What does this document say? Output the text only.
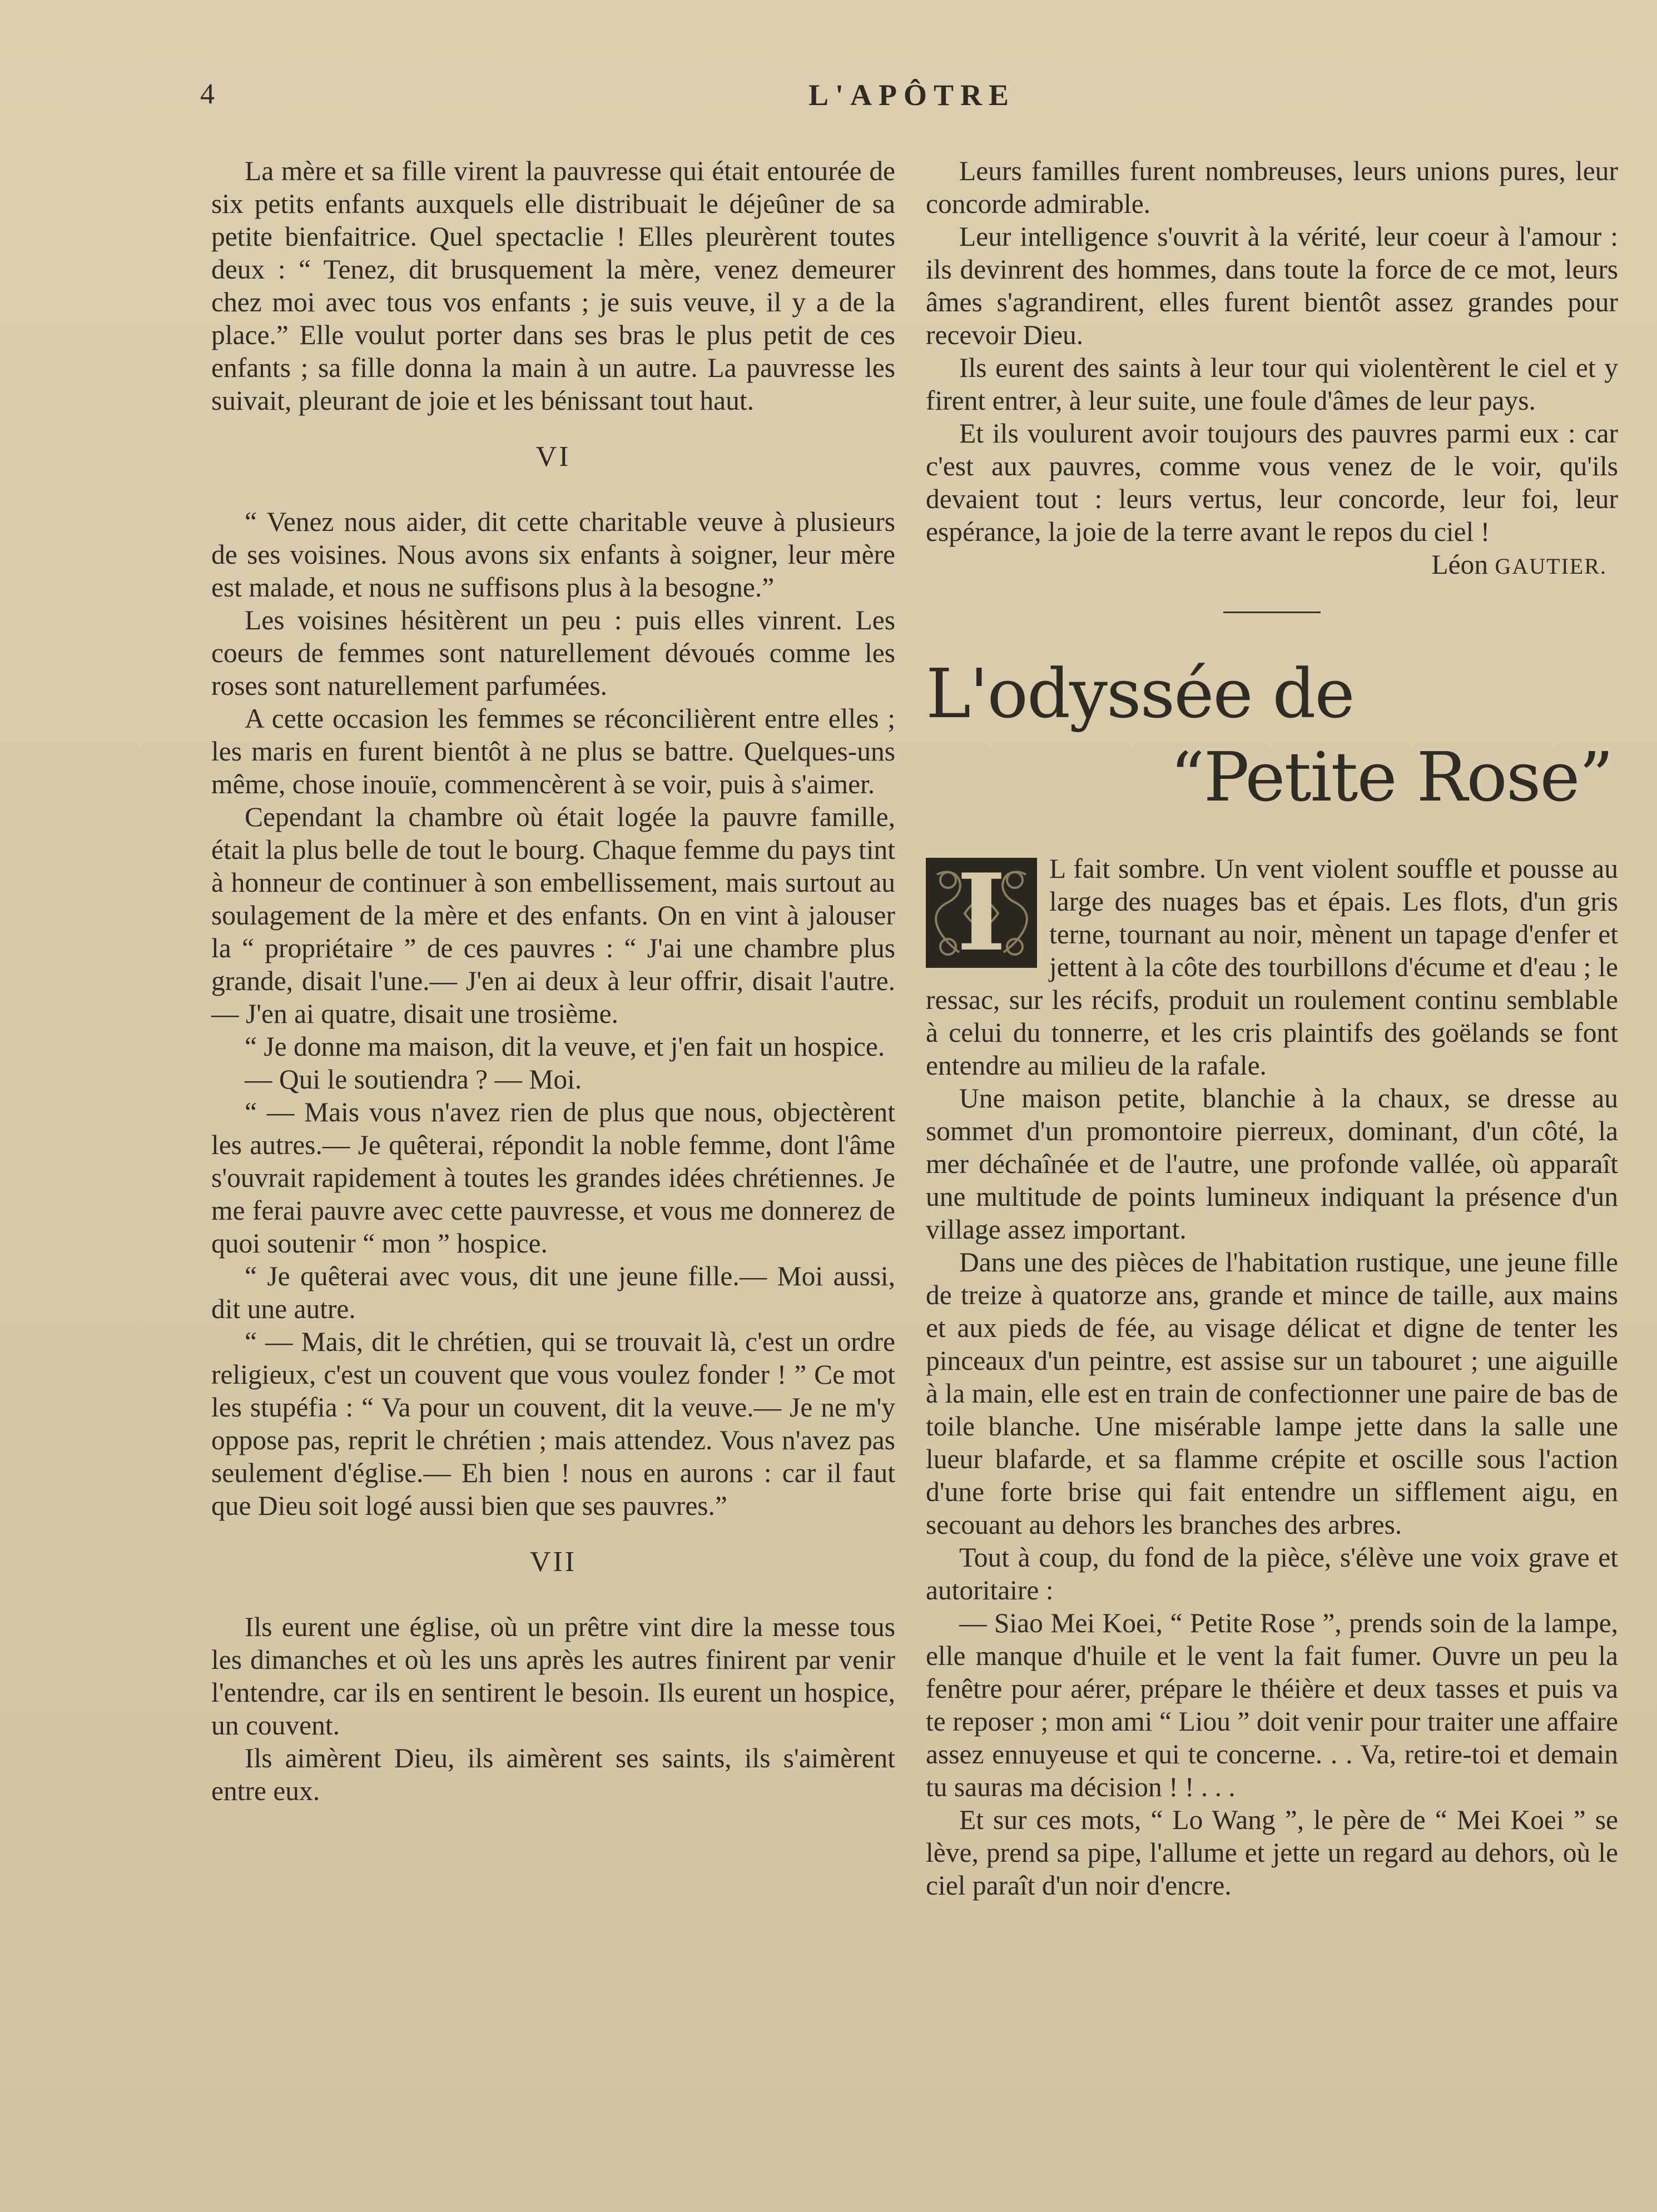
4	L'APÔTRE

La mère et sa fille virent la pauvresse qui était entourée de six petits enfants auxquels elle distribuait le déjeûner de sa petite bienfaitrice. Quel spectaclie ! Elles pleurèrent toutes deux : “ Tenez, dit brusquement la mère, venez demeurer chez moi avec tous vos enfants ; je suis veuve, il y a de la place.” Elle voulut porter dans ses bras le plus petit de ces enfants ; sa fille donna la main à un autre. La pauvresse les suivait, pleurant de joie et les bénissant tout haut.

VI

“ Venez nous aider, dit cette charitable veuve à plusieurs de ses voisines. Nous avons six enfants à soigner, leur mère est malade, et nous ne suffisons plus à la besogne.”

Les voisines hésitèrent un peu : puis elles vinrent. Les coeurs de femmes sont naturellement dévoués comme les roses sont naturellement parfumées.

A cette occasion les femmes se réconcilièrent entre elles ; les maris en furent bientôt à ne plus se battre. Quelques-uns même, chose inouïe, commencèrent à se voir, puis à s'aimer.

Cependant la chambre où était logée la pauvre famille, était la plus belle de tout le bourg. Chaque femme du pays tint à honneur de continuer à son embellissement, mais surtout au soulagement de la mère et des enfants. On en vint à jalouser la “ propriétaire ” de ces pauvres : “ J'ai une chambre plus grande, disait l'une.— J'en ai deux à leur offrir, disait l'autre.— J'en ai quatre, disait une trosième.

“ Je donne ma maison, dit la veuve, et j'en fait un hospice.

— Qui le soutiendra ? — Moi.

“ — Mais vous n'avez rien de plus que nous, objectèrent les autres.— Je quêterai, répondit la noble femme, dont l'âme s'ouvrait rapidement à toutes les grandes idées chrétiennes. Je me ferai pauvre avec cette pauvresse, et vous me donnerez de quoi soutenir “ mon ” hospice.

“ Je quêterai avec vous, dit une jeune fille.— Moi aussi, dit une autre.

“ — Mais, dit le chrétien, qui se trouvait là, c'est un ordre religieux, c'est un couvent que vous voulez fonder ! ” Ce mot les stupéfia : “ Va pour un couvent, dit la veuve.— Je ne m'y oppose pas, reprit le chrétien ; mais attendez. Vous n'avez pas seulement d'église.— Eh bien ! nous en aurons : car il faut que Dieu soit logé aussi bien que ses pauvres.”

VII

Ils eurent une église, où un prêtre vint dire la messe tous les dimanches et où les uns après les autres finirent par venir l'entendre, car ils en sentirent le besoin. Ils eurent un hospice, un couvent.

Ils aimèrent Dieu, ils aimèrent ses saints, ils s'aimèrent entre eux.

Leurs familles furent nombreuses, leurs unions pures, leur concorde admirable.

Leur intelligence s'ouvrit à la vérité, leur coeur à l'amour : ils devinrent des hommes, dans toute la force de ce mot, leurs âmes s'agrandirent, elles furent bientôt assez grandes pour recevoir Dieu.

Ils eurent des saints à leur tour qui violentèrent le ciel et y firent entrer, à leur suite, une foule d'âmes de leur pays.

Et ils voulurent avoir toujours des pauvres parmi eux : car c'est aux pauvres, comme vous venez de le voir, qu'ils devaient tout : leurs vertus, leur concorde, leur foi, leur espérance, la joie de la terre avant le repos du ciel !

Léon GAUTIER.

L'odyssée de
“Petite Rose”
I	L fait sombre. Un vent violent souffle et pousse au large des nuages bas et épais. Les flots, d'un gris terne, tournant au noir, mènent un tapage d'enfer et jettent à la côte des tourbillons d'écume et d'eau ; le ressac, sur les récifs, produit un roulement continu semblable à celui du tonnerre, et les cris plaintifs des goëlands se font entendre au milieu de la rafale.

Une maison petite, blanchie à la chaux, se dresse au sommet d'un promontoire pierreux, dominant, d'un côté, la mer déchaînée et de l'autre, une profonde vallée, où apparaît une multitude de points lumineux indiquant la présence d'un village assez important.

Dans une des pièces de l'habitation rustique, une jeune fille de treize à quatorze ans, grande et mince de taille, aux mains et aux pieds de fée, au visage délicat et digne de tenter les pinceaux d'un peintre, est assise sur un tabouret ; une aiguille à la main, elle est en train de confectionner une paire de bas de toile blanche. Une misérable lampe jette dans la salle une lueur blafarde, et sa flamme crépite et oscille sous l'action d'une forte brise qui fait entendre un sifflement aigu, en secouant au dehors les branches des arbres.

Tout à coup, du fond de la pièce, s'élève une voix grave et autoritaire :

— Siao Mei Koei, “ Petite Rose ”, prends soin de la lampe, elle manque d'huile et le vent la fait fumer. Ouvre un peu la fenêtre pour aérer, prépare le théière et deux tasses et puis va te reposer ; mon ami “ Liou ” doit venir pour traiter une affaire assez ennuyeuse et qui te concerne. . . Va, retire-toi et demain tu sauras ma décision ! ! . . .

Et sur ces mots, “ Lo Wang ”, le père de “ Mei Koei ” se lève, prend sa pipe, l'allume et jette un regard au dehors, où le ciel paraît d'un noir d'encre.
